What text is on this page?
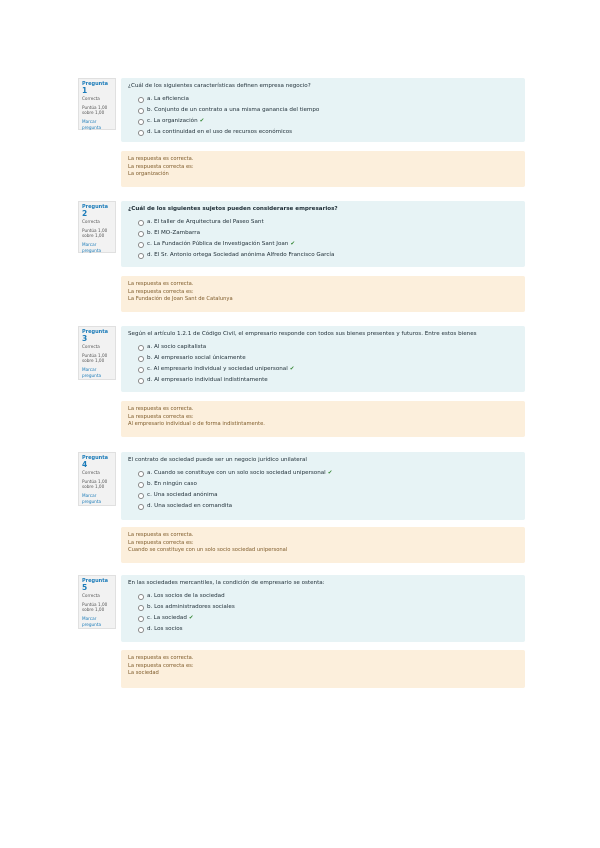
Pregunta 1
Correcta
Puntúa 1,00 sobre 1,00
Marcar pregunta
¿Cuál de los siguientes características definen empresa negocio?
a. La eficiencia
b. Conjunto de un contrato a una misma ganancia del tiempo
c. La organización ✔
d. La continuidad en el uso de recursos económicos
La respuesta es correcta.
La respuesta correcta es:
La organización
Pregunta 2
Correcta
Puntúa 1,00 sobre 1,00
Marcar pregunta
¿Cuál de los siguientes sujetos pueden considerarse empresarios?
a. El taller de Arquitectura del Paseo Sant
b. El MO-Zambarra
c. La Fundación Pública de Investigación Sant Joan ✔
d. El Sr. Antonio ortega Sociedad anónima Alfredo Francisco García
La respuesta es correcta.
La respuesta correcta es:
La Fundación de Joan Sant de Catalunya
Pregunta 3
Correcta
Puntúa 1,00 sobre 1,00
Marcar pregunta
Según el artículo 1.2.1 de Código Civil, el empresario responde con todos sus bienes presentes y futuros. Entre estos bienes
a. Al socio capitalista
b. Al empresario social únicamente
c. Al empresario individual y sociedad unipersonal ✔
d. Al empresario individual indistintamente
La respuesta es correcta.
La respuesta correcta es:
Al empresario individual o de forma indistintamente.
Pregunta 4
Correcta
Puntúa 1,00 sobre 1,00
Marcar pregunta
El contrato de sociedad puede ser un negocio jurídico unilateral
a. Cuando se constituye con un solo socio sociedad unipersonal ✔
b. En ningún caso
c. Una sociedad anónima
d. Una sociedad en comandita
La respuesta es correcta.
La respuesta correcta es:
Cuando se constituye con un solo socio sociedad unipersonal
Pregunta 5
Correcta
Puntúa 1,00 sobre 1,00
Marcar pregunta
En las sociedades mercantiles, la condición de empresario se ostenta:
a. Los socios de la sociedad
b. Los administradores sociales
c. La sociedad ✔
d. Los socios
La respuesta es correcta.
La respuesta correcta es:
La sociedad
